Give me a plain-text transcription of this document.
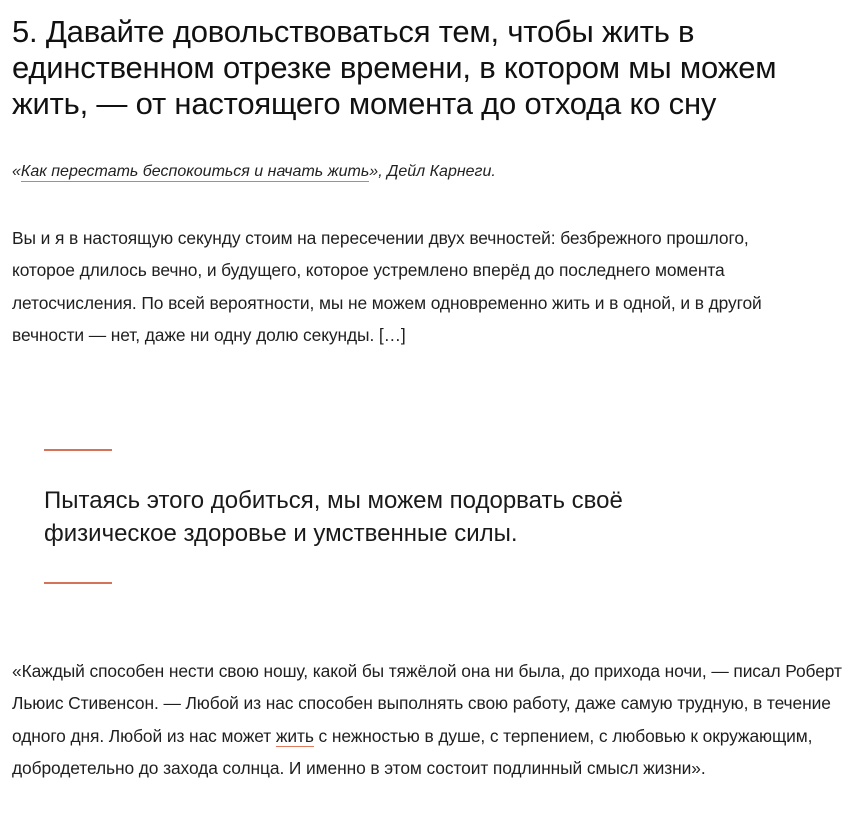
5. Давайте довольствоваться тем, чтобы жить в единственном отрезке времени, в котором мы можем жить, — от настоящего момента до отхода ко сну
«Как перестать беспокоиться и начать жить», Дейл Карнеги.

Вы и я в настоящую секунду стоим на пересечении двух вечностей: безбрежного прошлого, которое длилось вечно, и будущего, которое устремлено вперёд до последнего момента летосчисления. По всей вероятности, мы не можем одновременно жить и в одной, и в другой вечности — нет, даже ни одну долю секунды. […]

Пытаясь этого добиться, мы можем подорвать своё физическое здоровье и умственные силы.

«Каждый способен нести свою ношу, какой бы тяжёлой она ни была, до прихода ночи, — писал Роберт Льюис Стивенсон. — Любой из нас способен выполнять свою работу, даже самую трудную, в течение одного дня. Любой из нас может жить с нежностью в душе, с терпением, с любовью к окружающим, добродетельно до захода солнца. И именно в этом состоит подлинный смысл жизни».
